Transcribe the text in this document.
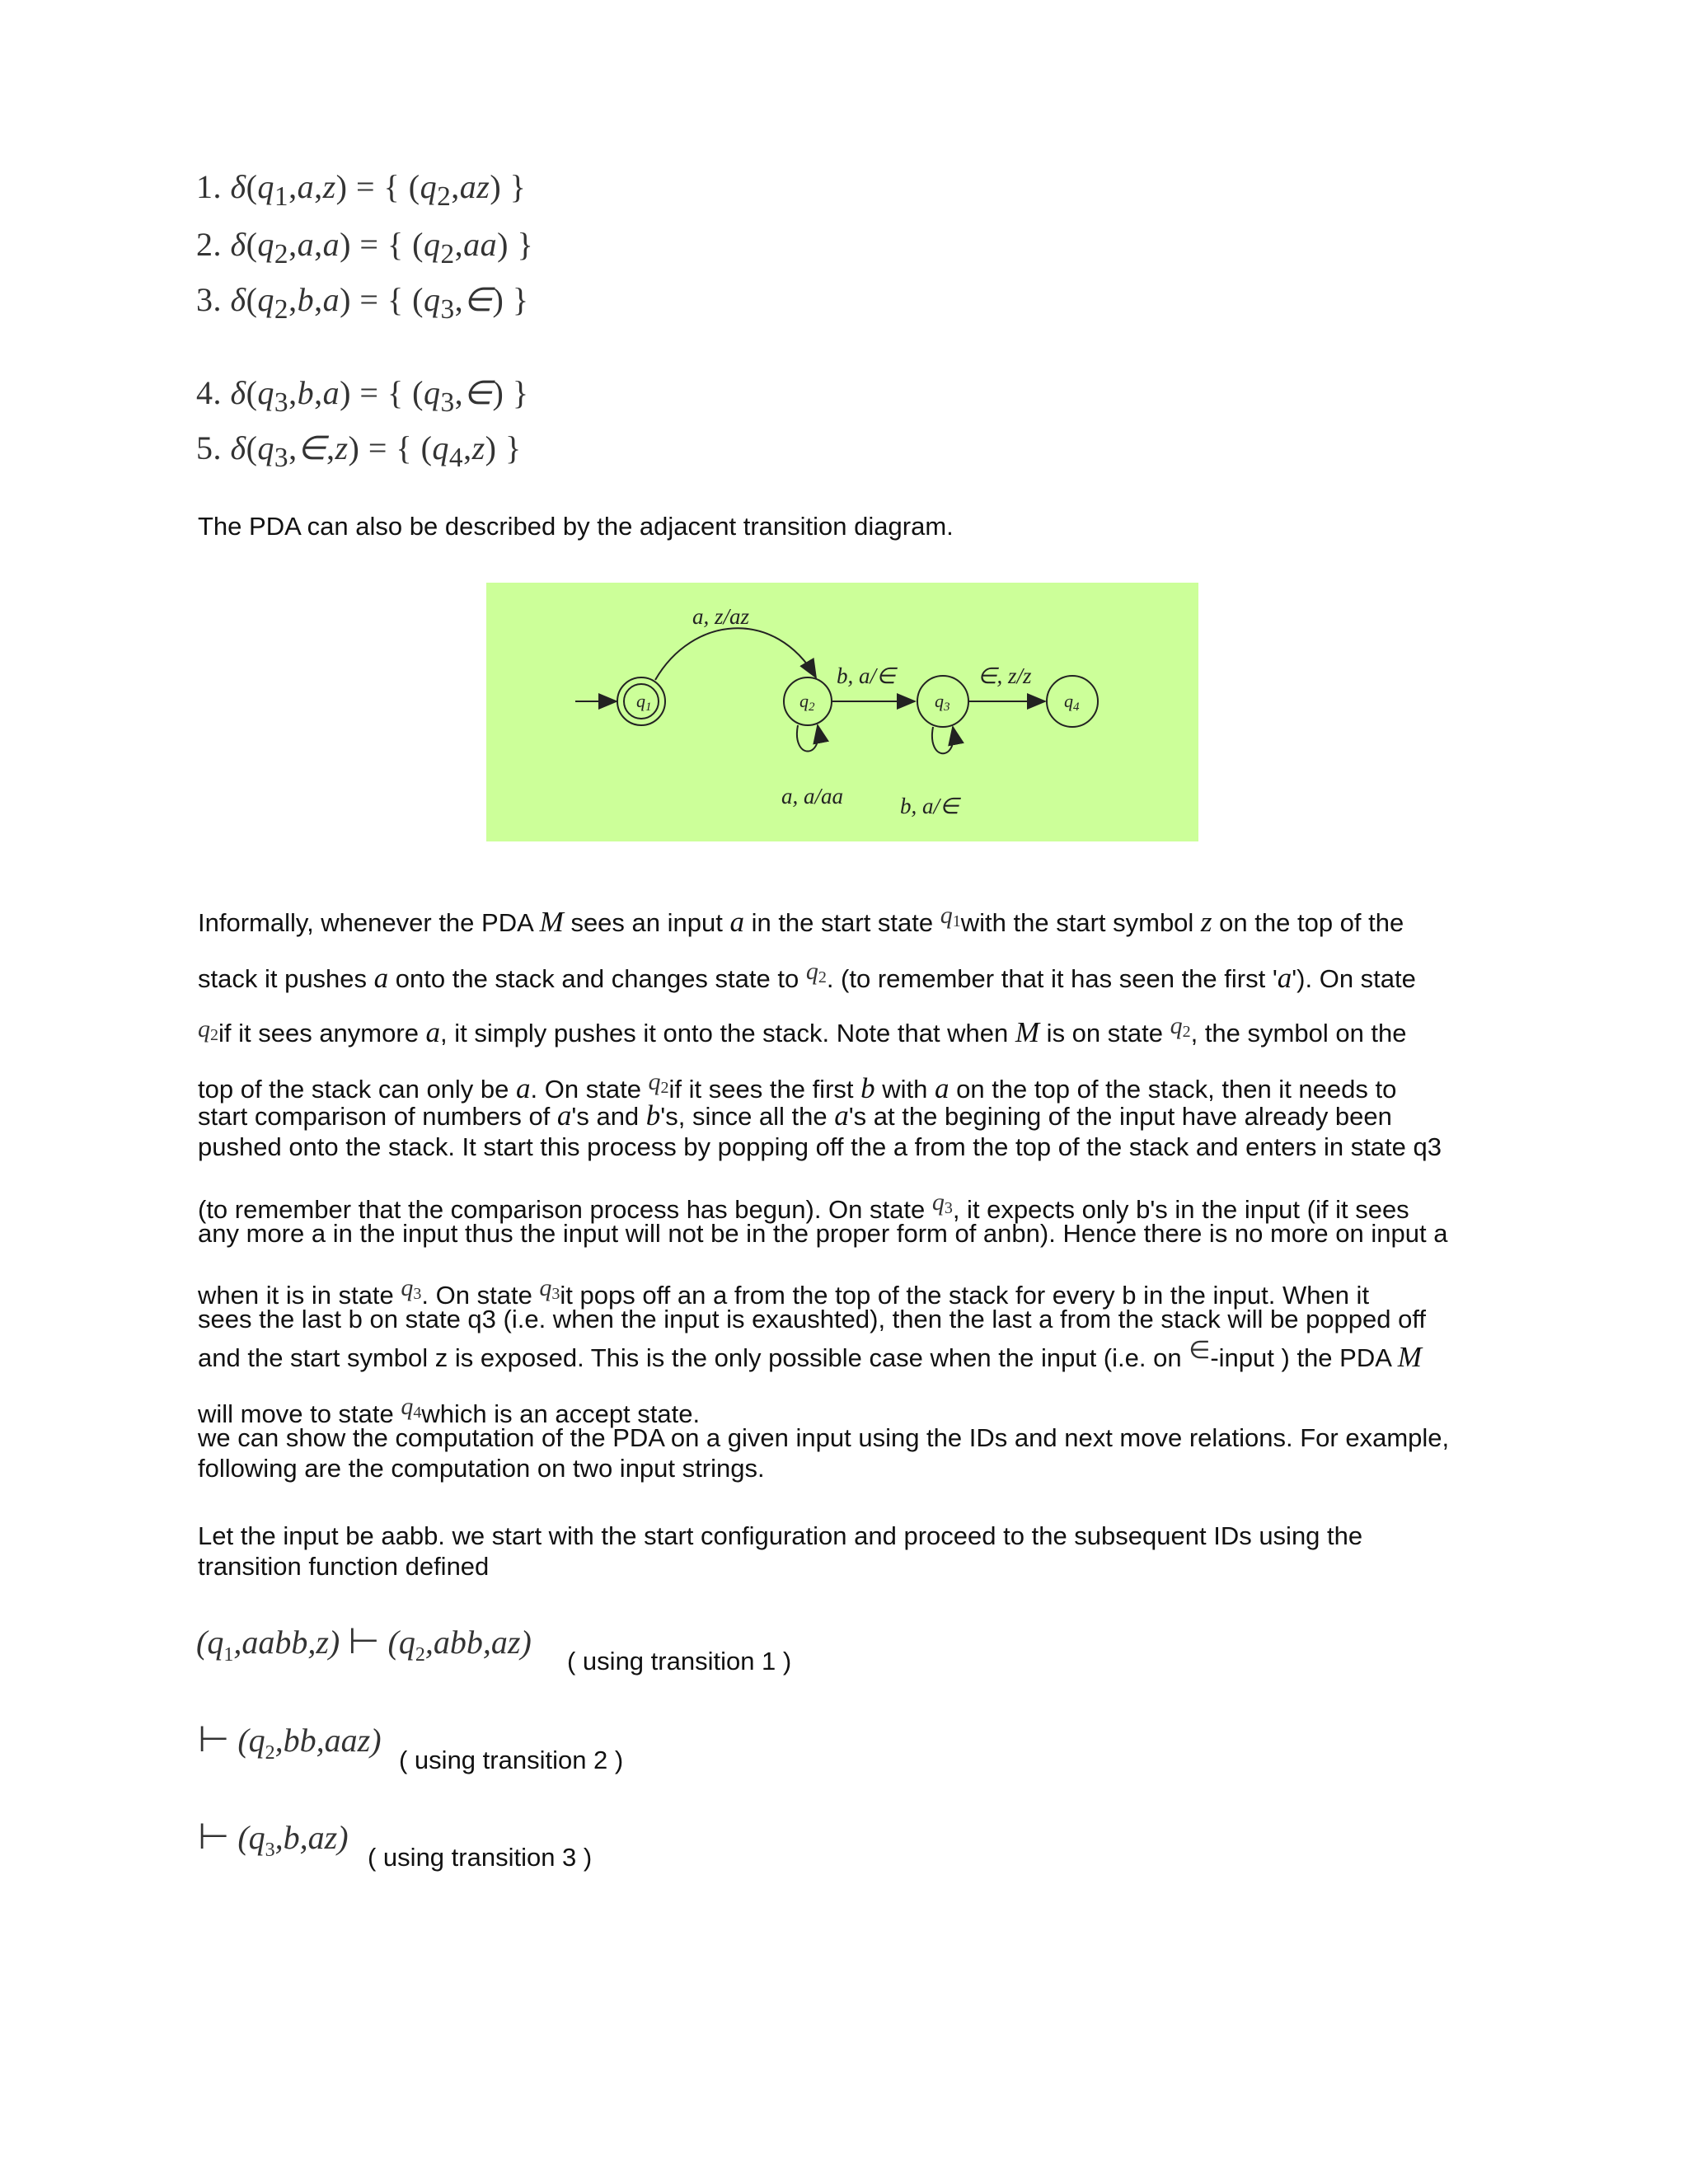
1. $\delta(q_1,a,z)$ = { $(q_2,az)$ }
2. $\delta(q_2,a,a)$ = { $(q_2,aa)$ }
3. $\delta(q_2,b,a)$ = { $(q_3,\in)$ }
4. $\delta(q_3,b,a)$ = { $(q_3,\in)$ }
5. $\delta(q_3,\in,z)$ = { $(q_4,z)$ }
The PDA can also be described by the adjacent transition diagram.
q1
a, z/az
q2
b, a/∈
q3
∈, z/z
q4
a, a/aa	b, a/∈
Informally, whenever the PDA M sees an input a in the start state $q_1with$ the start symbol z on the top of the
stack it pushes a onto the stack and changes state to $q_2$. (to remember that it has seen the first 'a'). On state
$q_2if$ it sees anymore a, it simply pushes it onto the stack. Note that when M is on state $q_2$, the symbol on the
top of the stack can only be a. On state $q_2if$ it sees the first b with a on the top of the stack, then it needs to
start comparison of numbers of a's and b's, since all the a's at the begining of the input have already been
pushed onto the stack. It start this process by popping off the a from the top of the stack and enters in state q3
(to remember that the comparison process has begun). On state $q_3$, it expects only b's in the input (if it sees
any more a in the input thus the input will not be in the proper form of anbn). Hence there is no more on input a
when it is in state $q_3$. On state $q_3it$ pops off an a from the top of the stack for every b in the input. When it
sees the last b on state q3 (i.e. when the input is exaushted), then the last a from the stack will be popped off
and the start symbol z is exposed. This is the only possible case when the input (i.e. on ∈-input ) the PDA M
will move to state $q_4which$ is an accept state.
we can show the computation of the PDA on a given input using the IDs and next move relations. For example,
following are the computation on two input strings.
Let the input be aabb. we start with the start configuration and proceed to the subsequent IDs using the
transition function defined
$(q_1,aabb,z)$ ⊢ $(q_2,abb,az)$
( using transition 1 )
⊢ $(q_2,bb,aaz)$
( using transition 2 )
⊢ $(q_3,b,az)$
( using transition 3 )
